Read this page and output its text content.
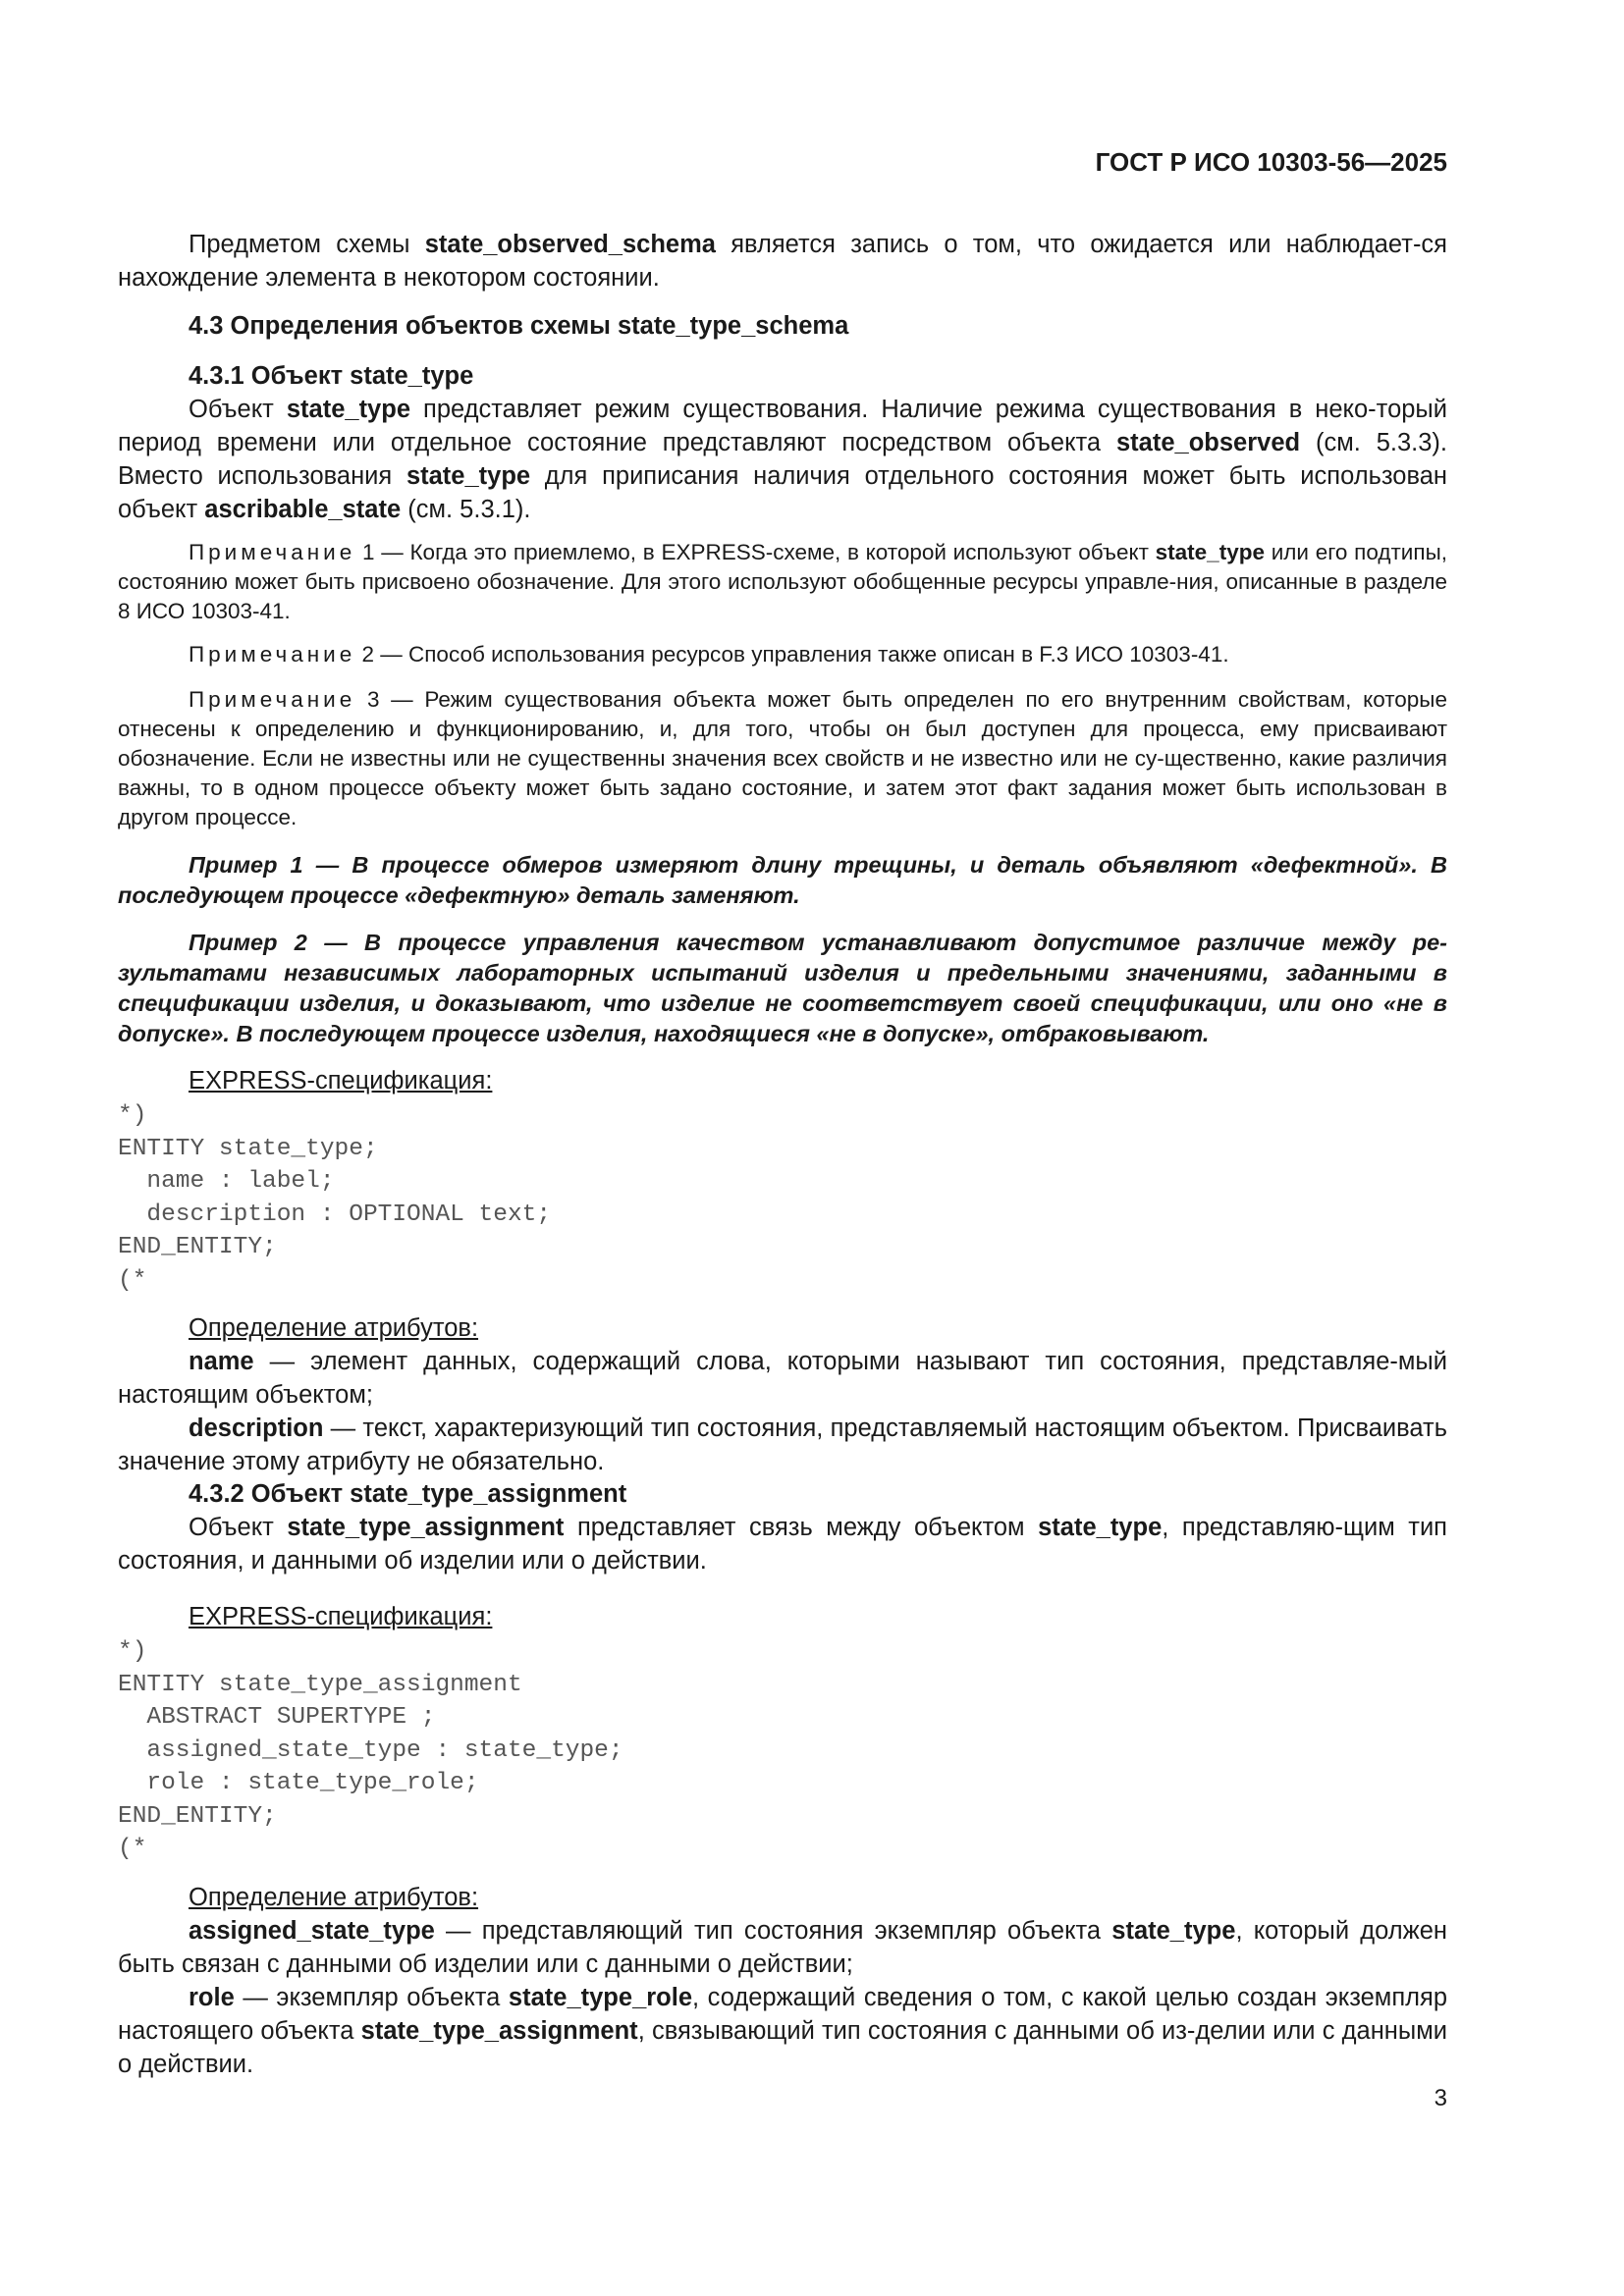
ГОСТ Р ИСО 10303-56—2025

Предметом схемы state_observed_schema является запись о том, что ожидается или наблюдает-ся нахождение элемента в некотором состоянии.

4.3 Определения объектов схемы state_type_schema

4.3.1 Объект state_type

Объект state_type представляет режим существования. Наличие режима существования в неко-торый период времени или отдельное состояние представляют посредством объекта state_observed (см. 5.3.3). Вместо использования state_type для приписания наличия отдельного состояния может быть использован объект ascribable_state (см. 5.3.1).

Примечание 1 — Когда это приемлемо, в EXPRESS-схеме, в которой используют объект state_type или его подтипы, состоянию может быть присвоено обозначение. Для этого используют обобщенные ресурсы управле-ния, описанные в разделе 8 ИСО 10303-41.

Примечание 2 — Способ использования ресурсов управления также описан в F.3 ИСО 10303-41.

Примечание 3 — Режим существования объекта может быть определен по его внутренним свойствам, которые отнесены к определению и функционированию, и, для того, чтобы он был доступен для процесса, ему присваивают обозначение. Если не известны или не существенны значения всех свойств и не известно или не су-щественно, какие различия важны, то в одном процессе объекту может быть задано состояние, и затем этот факт задания может быть использован в другом процессе.

Пример 1 — В процессе обмеров измеряют длину трещины, и деталь объявляют «дефектной». В последующем процессе «дефектную» деталь заменяют.

Пример 2 — В процессе управления качеством устанавливают допустимое различие между ре-зультатами независимых лабораторных испытаний изделия и предельными значениями, заданными в спецификации изделия, и доказывают, что изделие не соответствует своей спецификации, или оно «не в допуске». В последующем процессе изделия, находящиеся «не в допуске», отбраковывают.

EXPRESS-спецификация:

*)
ENTITY state_type;
name : label;
description : OPTIONAL text;
END_ENTITY;
(*

Определение атрибутов:

name — элемент данных, содержащий слова, которыми называют тип состояния, представляе-мый настоящим объектом;

description — текст, характеризующий тип состояния, представляемый настоящим объектом. Присваивать значение этому атрибуту не обязательно.

4.3.2 Объект state_type_assignment

Объект state_type_assignment представляет связь между объектом state_type, представляю-щим тип состояния, и данными об изделии или о действии.

EXPRESS-спецификация:

*)
ENTITY state_type_assignment
ABSTRACT SUPERTYPE ;
assigned_state_type : state_type;
role : state_type_role;
END_ENTITY;
(*

Определение атрибутов:

assigned_state_type — представляющий тип состояния экземпляр объекта state_type, который должен быть связан с данными об изделии или с данными о действии;

role — экземпляр объекта state_type_role, содержащий сведения о том, с какой целью создан экземпляр настоящего объекта state_type_assignment, связывающий тип состояния с данными об из-делии или с данными о действии.

3
